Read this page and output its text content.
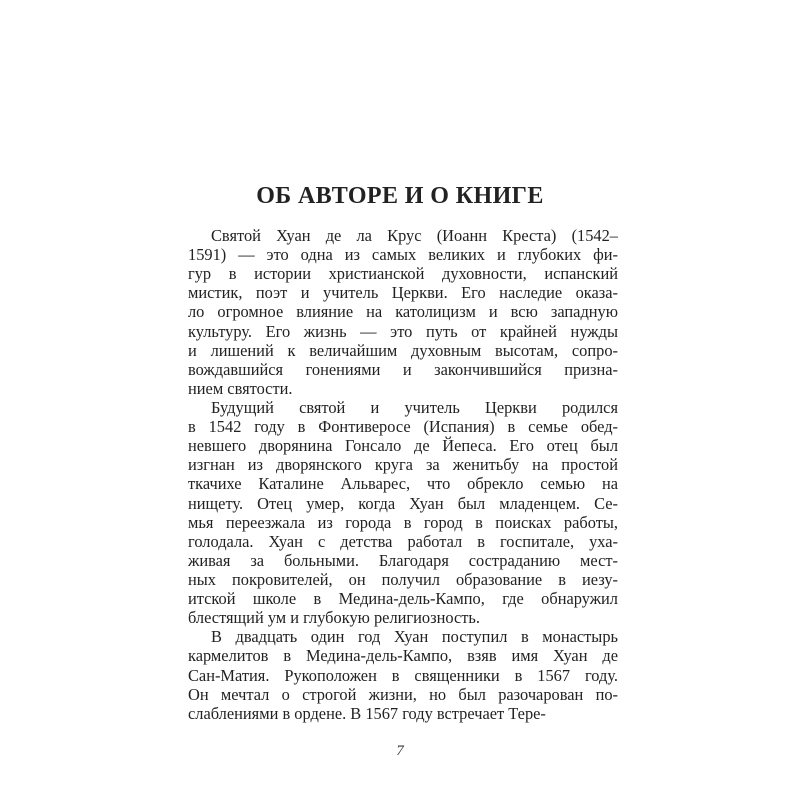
ОБ АВТОРЕ И О КНИГЕ
Святой Хуан де ла Крус (Иоанн Креста) (1542–
1591) — это одна из самых великих и глубоких фи-
гур в истории христианской духовности, испанский
мистик, поэт и учитель Церкви. Его наследие оказа-
ло огромное влияние на католицизм и всю западную
культуру. Его жизнь — это путь от крайней нужды
и лишений к величайшим духовным высотам, сопро-
вождавшийся гонениями и закончившийся призна-
нием святости.
Будущий святой и учитель Церкви родился
в 1542 году в Фонтиверосе (Испания) в семье обед-
невшего дворянина Гонсало де Йепеса. Его отец был
изгнан из дворянского круга за женитьбу на простой
ткачихе Каталине Альварес, что обрекло семью на
нищету. Отец умер, когда Хуан был младенцем. Се-
мья переезжала из города в город в поисках работы,
голодала. Хуан с детства работал в госпитале, уха-
живая за больными. Благодаря состраданию мест-
ных покровителей, он получил образование в иезу-
итской школе в Медина-дель-Кампо, где обнаружил
блестящий ум и глубокую религиозность.
В двадцать один год Хуан поступил в монастырь
кармелитов в Медина-дель-Кампо, взяв имя Хуан де
Сан-Матия. Рукоположен в священники в 1567 году.
Он мечтал о строгой жизни, но был разочарован по-
слаблениями в ордене. В 1567 году встречает Тере-
7
